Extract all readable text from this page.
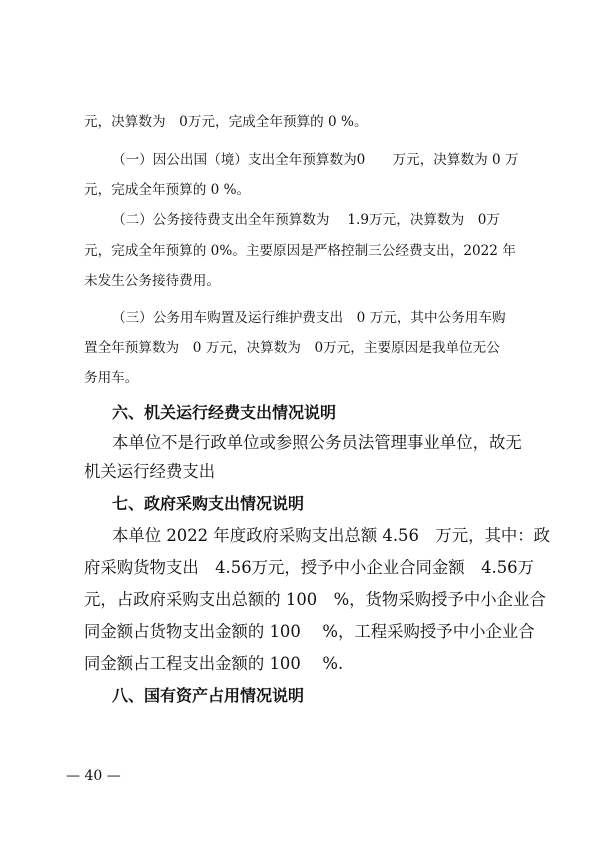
元，决算数为　0万元，完成全年预算的 0 %。
（一）因公出国（境）支出全年预算数为0　　万元，决算数为 0 万
元，完成全年预算的 0 %。
（二）公务接待费支出全年预算数为　 1.9万元，决算数为　0万
元，完成全年预算的 0%。主要原因是严格控制三公经费支出，2022 年
未发生公务接待费用。
（三）公务用车购置及运行维护费支出　0 万元，其中公务用车购
置全年预算数为　0 万元，决算数为　0万元，主要原因是我单位无公
务用车。
六、机关运行经费支出情况说明
本单位不是行政单位或参照公务员法管理事业单位，故无
机关运行经费支出
七、政府采购支出情况说明
本单位 2022 年度政府采购支出总额 4.56　万元，其中：政
府采购货物支出　4.56万元，授予中小企业合同金额　4.56万
元，占政府采购支出总额的 100　%，货物采购授予中小企业合
同金额占货物支出金额的 100　 %，工程采购授予中小企业合
同金额占工程支出金额的 100　 %.
八、国有资产占用情况说明
— 40 —
